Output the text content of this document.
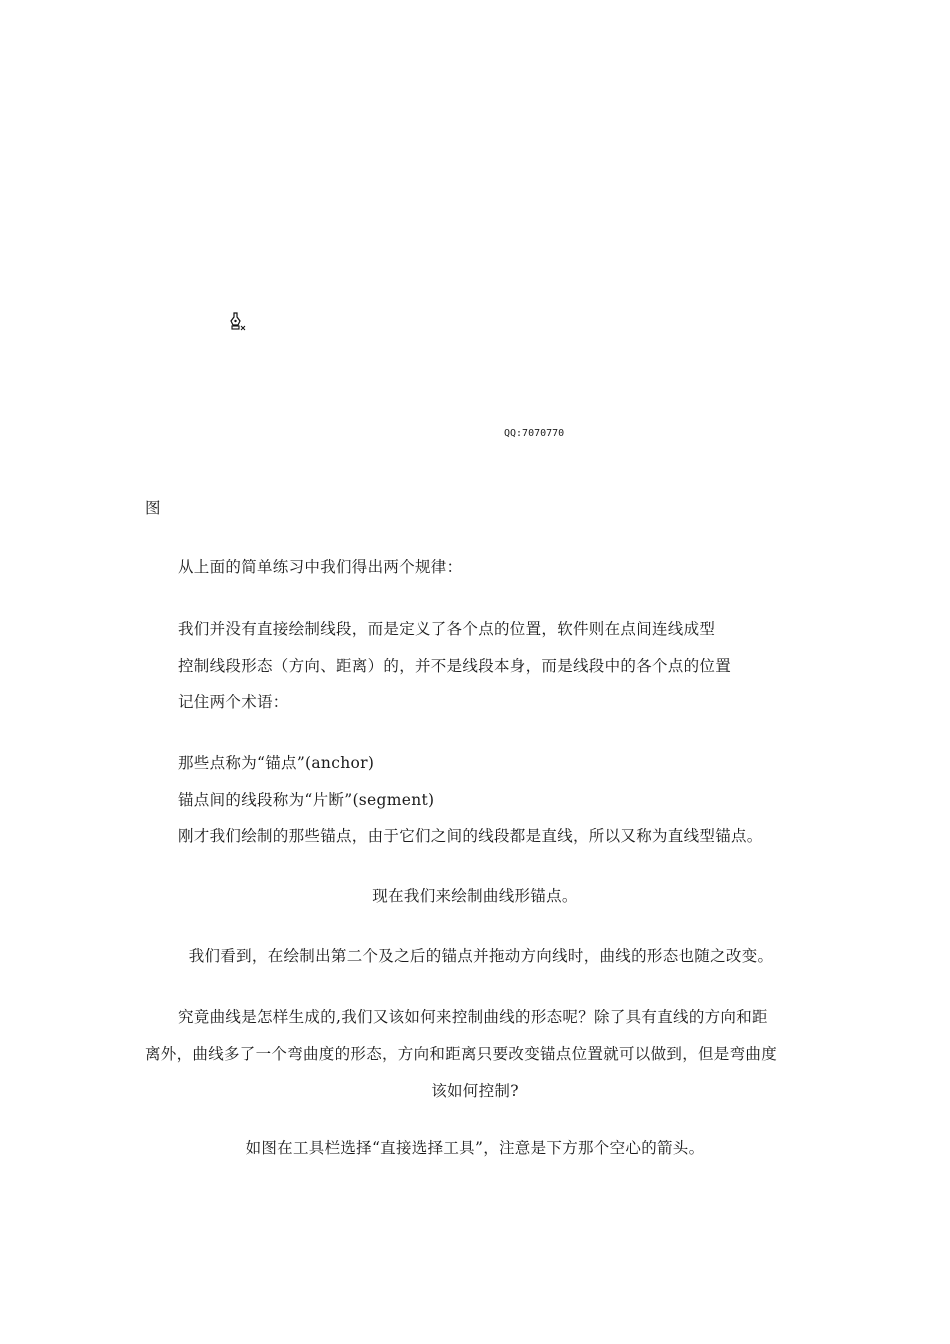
QQ:7070770
图
从上面的简单练习中我们得出两个规律：
我们并没有直接绘制线段，而是定义了各个点的位置，软件则在点间连线成型
控制线段形态（方向、距离）的，并不是线段本身，而是线段中的各个点的位置
记住两个术语：
那些点称为“锚点”(anchor)
锚点间的线段称为“片断”(segment)
刚才我们绘制的那些锚点，由于它们之间的线段都是直线，所以又称为直线型锚点。
现在我们来绘制曲线形锚点。
我们看到，在绘制出第二个及之后的锚点并拖动方向线时，曲线的形态也随之改变。
究竟曲线是怎样生成的,我们又该如何来控制曲线的形态呢？除了具有直线的方向和距
离外，曲线多了一个弯曲度的形态，方向和距离只要改变锚点位置就可以做到，但是弯曲度
该如何控制?
如图在工具栏选择“直接选择工具”，注意是下方那个空心的箭头。
